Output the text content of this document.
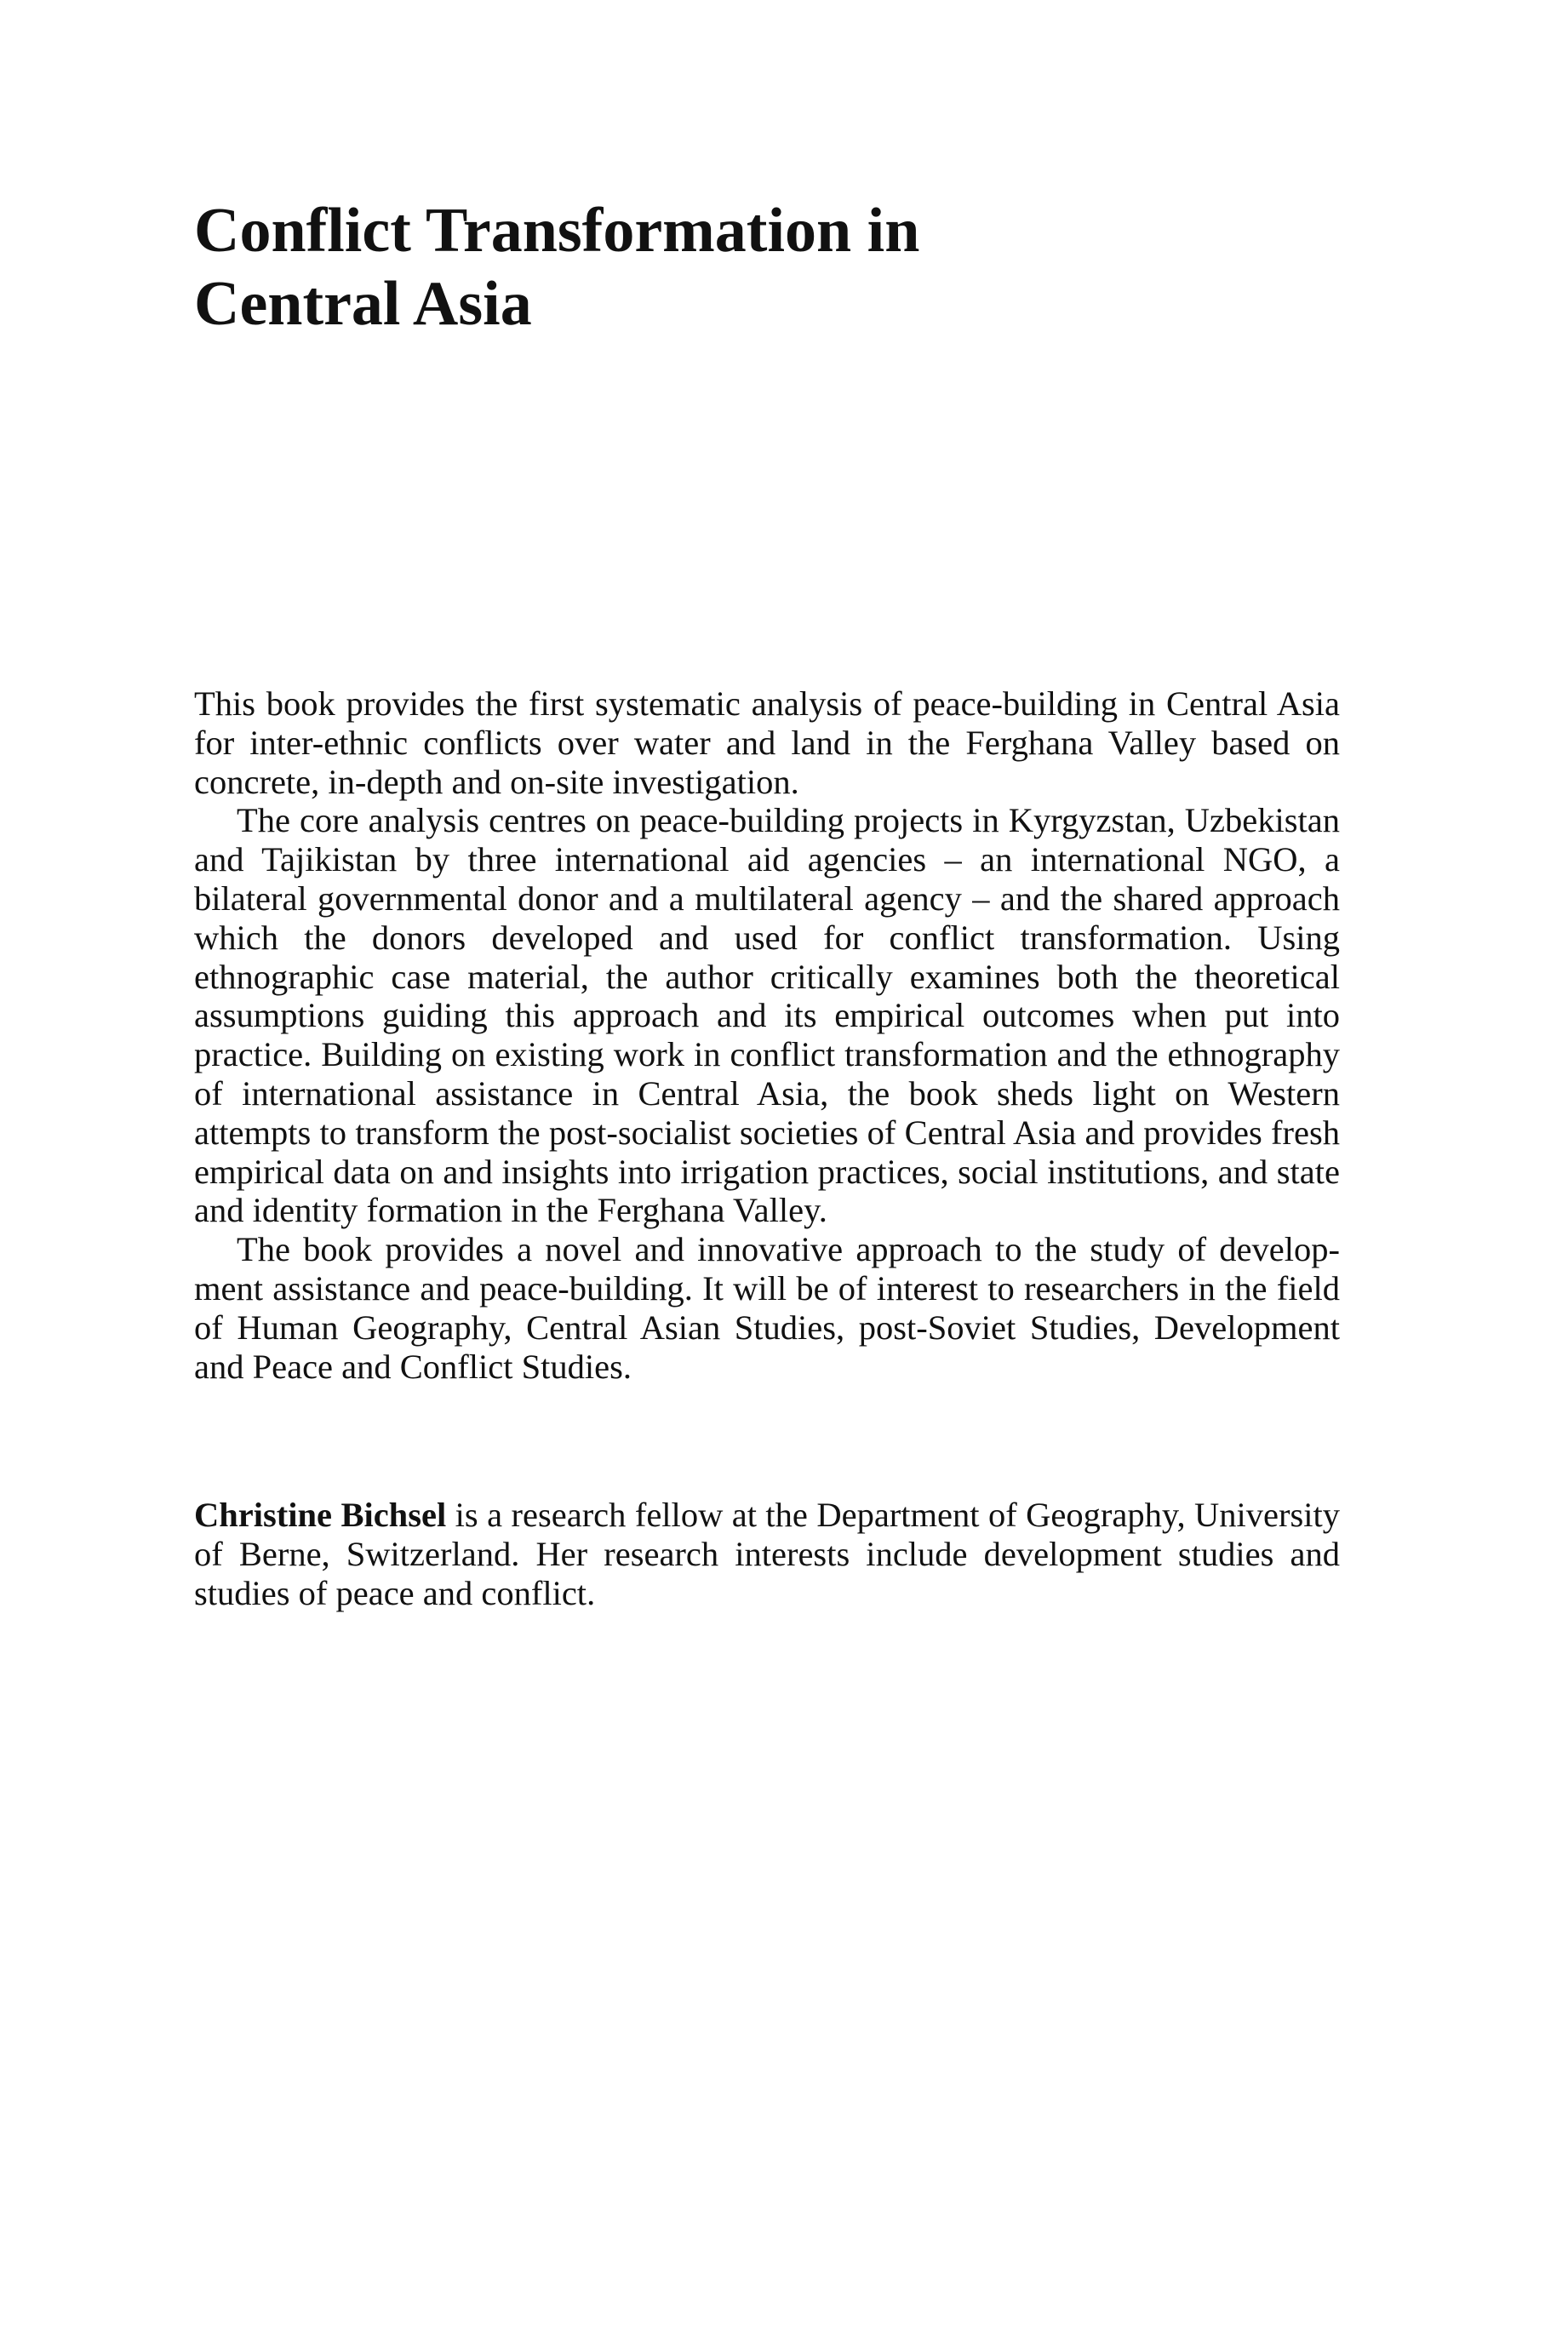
Conflict Transformation in
Central Asia

This book provides the first systematic analysis of peace-building in Central Asia for inter-ethnic conflicts over water and land in the Ferghana Valley based on concrete, in-depth and on-site investigation.

The core analysis centres on peace-building projects in Kyrgyzstan, Uzbekistan and Tajikistan by three international aid agencies – an international NGO, a bilateral governmental donor and a multilateral agency – and the shared approach which the donors developed and used for conflict transformation. Using ethnographic case material, the author critically examines both the theoretical assumptions guiding this approach and its empirical outcomes when put into practice. Building on existing work in conflict transformation and the ethnography of international assistance in Central Asia, the book sheds light on Western attempts to transform the post-socialist societies of Central Asia and provides fresh empirical data on and insights into irrigation practices, social institutions, and state and identity formation in the Ferghana Valley.

The book provides a novel and innovative approach to the study of development assistance and peace-building. It will be of interest to researchers in the field of Human Geography, Central Asian Studies, post-Soviet Studies, Development and Peace and Conflict Studies.

Christine Bichsel is a research fellow at the Department of Geography, University of Berne, Switzerland. Her research interests include development studies and studies of peace and conflict.
